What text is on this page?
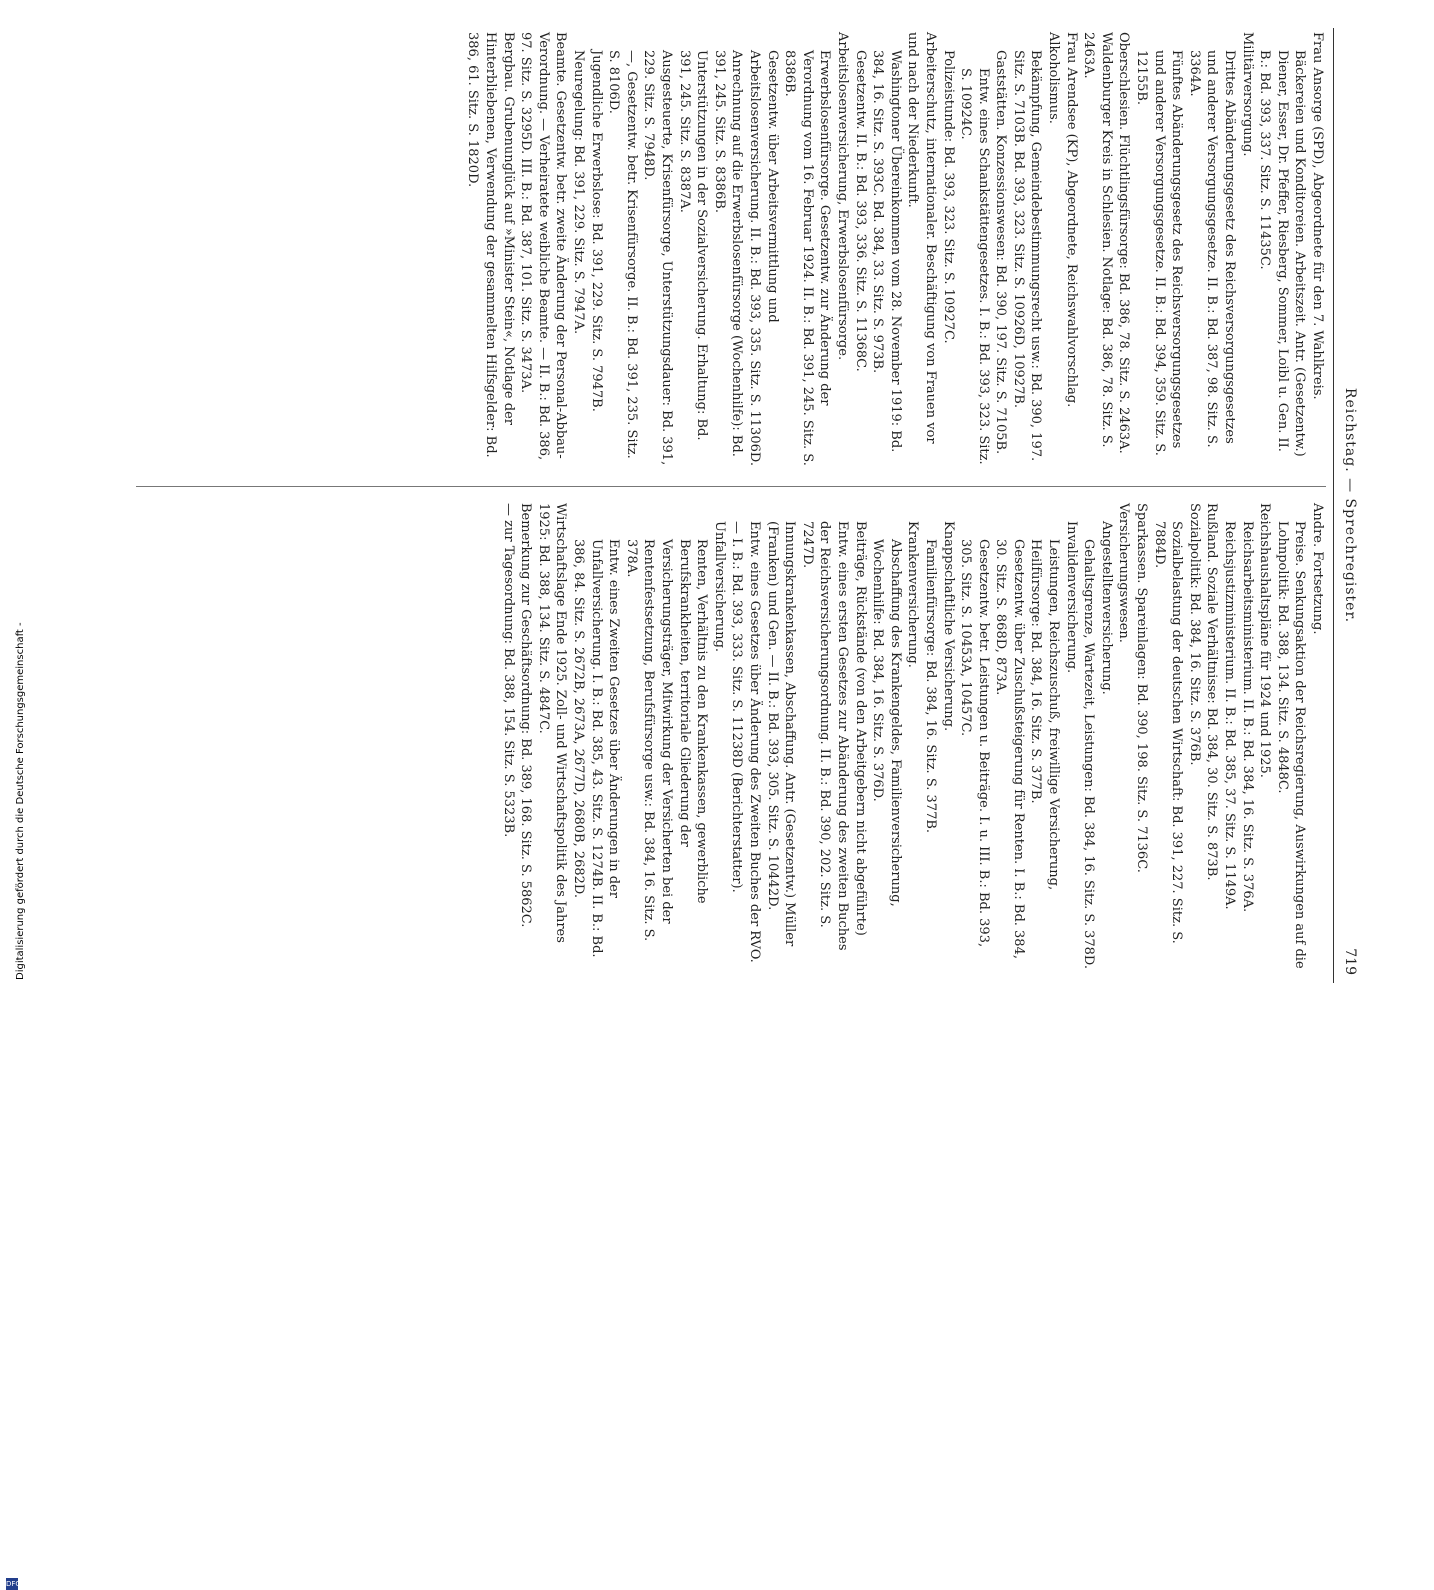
Reichstag. — Sprechregister.
719

Frau Ansorge (SPD), Abgeordnete für den 7. Wahlkreis.

Bäckereien und Konditoreien. Arbeitszeit. Antr. (Gesetzentw.) Diener, Esser, Dr. Pfeffer, Riesberg, Sommer, Loibl u. Gen. II. B.: Bd. 393, 337. Sitz. S. 11435C.

Militärversorgung.

Drittes Abänderungsgesetz des Reichsversorgungsgesetzes und anderer Versorgungsgesetze. II. B.: Bd. 387, 98. Sitz. S. 3364A.

Fünftes Abänderungsgesetz des Reichsversorgungsgesetzes und anderer Versorgungsgesetze. II. B.: Bd. 394, 359. Sitz. S. 12155B.

Oberschlesien. Flüchtlingsfürsorge: Bd. 386, 78. Sitz. S. 2463A.

Waldenburger Kreis in Schlesien. Notlage: Bd. 386, 78. Sitz. S. 2463A.

Frau Arendsee (KP), Abgeordnete, Reichswahlvorschlag.

Alkoholismus.

Bekämpfung, Gemeindebestimmungsrecht usw.: Bd. 390, 197. Sitz. S. 7103B. Bd. 393, 323. Sitz. S. 10926D, 10927B.

Gaststätten. Konzessionswesen: Bd. 390, 197. Sitz. S. 7105B.

Entw. eines Schankstättengesetzes. I. B.: Bd. 393, 323. Sitz. S. 10924C.

Polizeistunde: Bd. 393, 323. Sitz. S. 10927C.

Arbeiterschutz, internationaler. Beschäftigung von Frauen vor und nach der Niederkunft.

Washingtoner Übereinkommen vom 28. November 1919: Bd. 384, 16. Sitz. S. 393C. Bd. 384, 33. Sitz. S. 973B.

Gesetzentw. II. B.: Bd. 393, 336. Sitz. S. 11368C.

Arbeitslosenversicherung, Erwerbslosenfürsorge.

Erwerbslosenfürsorge. Gesetzentw. zur Änderung der Verordnung vom 16. Februar 1924. II. B.: Bd. 391, 245. Sitz. S. 8386B.

Gesetzentw. über Arbeitsvermittlung und Arbeitslosenversicherung. II. B.: Bd. 393, 335. Sitz. S. 11306D.

Anrechnung auf die Erwerbslosenfürsorge (Wochenhilfe): Bd. 391, 245. Sitz. S. 8386B.

Unterstützungen in der Sozialversicherung. Erhaltung: Bd. 391, 245. Sitz. S. 8387A.

Ausgesteuerte, Krisenfürsorge, Unterstützungsdauer: Bd. 391, 229. Sitz. S. 7948D.

—, Gesetzentw. betr. Krisenfürsorge. II. B.: Bd. 391, 235. Sitz. S. 8106D.

Jugendliche Erwerbslose: Bd. 391, 229. Sitz. S. 7947B.

Neuregelung: Bd. 391, 229. Sitz. S. 7947A.

Beamte. Gesetzentw. betr. zweite Änderung der Personal-Abbau-Verordnung. — Verheiratete weibliche Beamte. — II. B.: Bd. 386, 97. Sitz. S. 3295D. III. B.: Bd. 387, 101. Sitz. S. 3473A.

Bergbau. Grubenunglück auf »Minister Stein«, Notlage der Hinterbliebenen, Verwendung der gesammelten Hilfsgelder: Bd. 386, 61. Sitz. S. 1820D.

Andre. Fortsetzung.

Preise. Senkungsaktion der Reichsregierung, Auswirkungen auf die Lohnpolitik: Bd. 388, 134. Sitz. S. 4848C.

Reichshaushaltspläne für 1924 und 1925.

Reichsarbeitsministerium. II. B.: Bd. 384, 16. Sitz. S. 376A.

Reichsjustizministerium. II. B.: Bd. 385, 37. Sitz. S. 1149A.

Rußland. Soziale Verhältnisse: Bd. 384, 30. Sitz. S. 873B.

Sozialpolitik: Bd. 384, 16. Sitz. S. 376B.

Sozialbelastung der deutschen Wirtschaft: Bd. 391, 227. Sitz. S. 7884D.

Sparkassen. Spareinlagen: Bd. 390, 198. Sitz. S. 7136C.

Versicherungswesen.

Angestelltenversicherung.

Gehaltsgrenze, Wartezeit, Leistungen: Bd. 384, 16. Sitz. S. 378D.

Invalidenversicherung.

Leistungen, Reichszuschuß, freiwillige Versicherung, Heilfürsorge: Bd. 384, 16. Sitz. S. 377B.

Gesetzentw. über Zuschußsteigerung für Renten. I. B.: Bd. 384, 30. Sitz. S. 868D, 873A.

Gesetzentw. betr. Leistungen u. Beiträge. I. u. III. B.: Bd. 393, 305. Sitz. S. 10453A, 10457C.

Knappschaftliche Versicherung.

Familienfürsorge: Bd. 384, 16. Sitz. S. 377B.

Krankenversicherung.

Abschaffung des Krankengeldes, Familienversicherung, Wochenhilfe: Bd. 384, 16. Sitz. S. 376D.

Beiträge, Rückstände (von den Arbeitgebern nicht abgeführte) Entw. eines ersten Gesetzes zur Abänderung des zweiten Buches der Reichsversicherungsordnung. II. B.: Bd. 390, 202. Sitz. S. 7247D.

Innungskrankenkassen, Abschaffung. Antr. (Gesetzentw.) Müller (Franken) und Gen. — II. B.: Bd. 393, 305. Sitz. S. 10442D.

Entw. eines Gesetzes über Änderung des Zweiten Buches der RVO. — I. B.: Bd. 393, 333. Sitz. S. 11238D (Berichterstatter).

Unfallversicherung.

Renten, Verhältnis zu den Krankenkassen, gewerbliche Berufskrankheiten, territoriale Gliederung der Versicherungsträger, Mitwirkung der Versicherten bei der Rentenfestsetzung, Berufsfürsorge usw.: Bd. 384, 16. Sitz. S. 378A.

Entw. eines Zweiten Gesetzes über Änderungen in der Unfallversicherung. I. B.: Bd. 385, 43. Sitz. S. 1274B. II. B.: Bd. 386, 84. Sitz. S. 2672B, 2673A, 2677D, 2680B, 2682D.

Wirtschaftslage Ende 1925. Zoll- und Wirtschaftspolitik des Jahres 1925: Bd. 388, 134. Sitz. S. 4847C.

Bemerkung zur Geschäftsordnung: Bd. 389, 168. Sitz. S. 5862C.

— zur Tagesordnung: Bd. 388, 154. Sitz. S. 5323B.

DFG
Digitalisierung gefördert durch die Deutsche Forschungsgemeinschaft -
